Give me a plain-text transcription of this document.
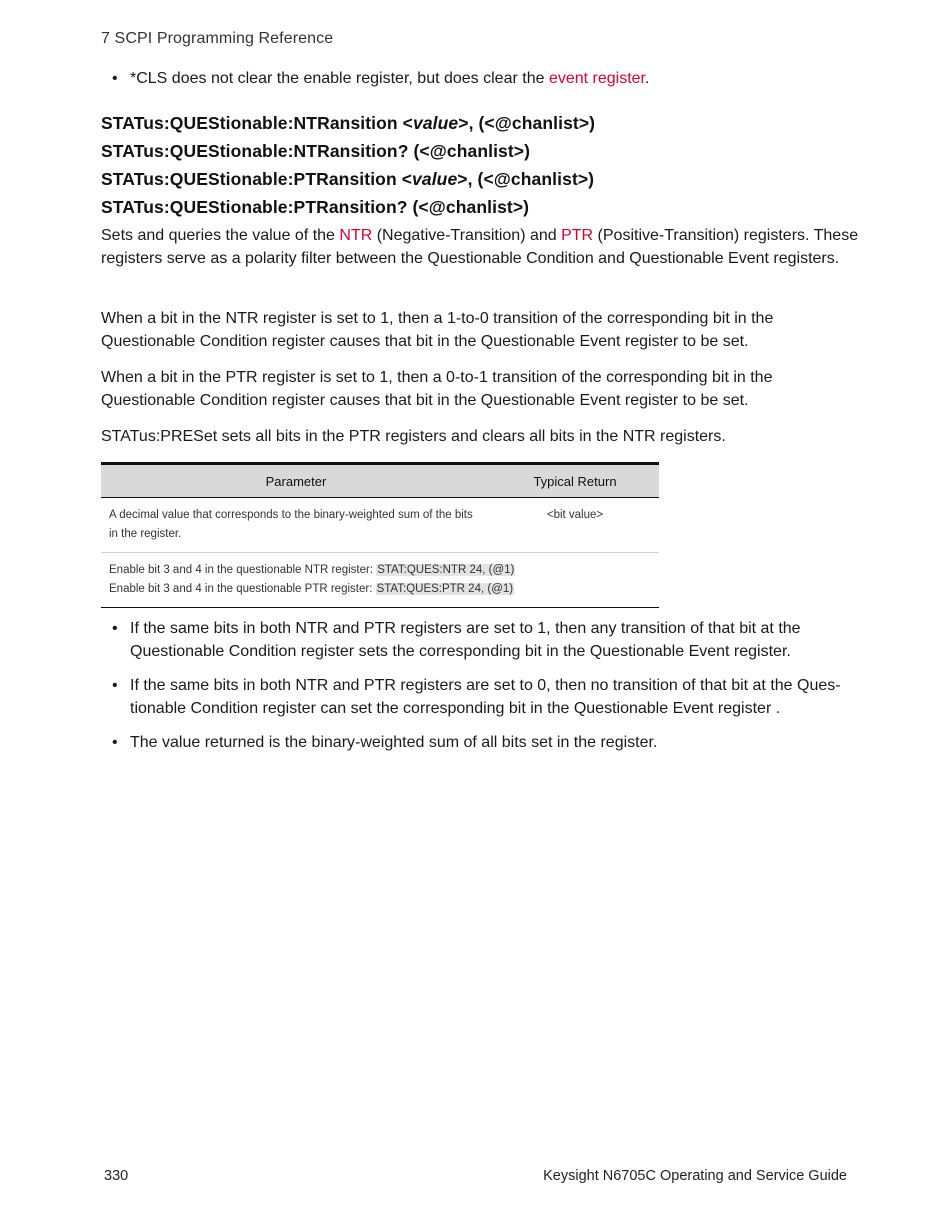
7 SCPI Programming Reference
• *CLS does not clear the enable register, but does clear the event register.
STATus:QUEStionable:NTRansition <value>, (<@chanlist>)
STATus:QUEStionable:NTRansition? (<@chanlist>)
STATus:QUEStionable:PTRansition <value>, (<@chanlist>)
STATus:QUEStionable:PTRansition? (<@chanlist>)
Sets and queries the value of the NTR (Negative-Transition) and PTR (Positive-Transition) registers. These registers serve as a polarity filter between the Questionable Condition and Questionable Event registers.
When a bit in the NTR register is set to 1, then a 1-to-0 transition of the corresponding bit in the Questionable Condition register causes that bit in the Questionable Event register to be set.
When a bit in the PTR register is set to 1, then a 0-to-1 transition of the corresponding bit in the Questionable Condition register causes that bit in the Questionable Event register to be set.
STATus:PRESet sets all bits in the PTR registers and clears all bits in the NTR registers.
Parameter	Typical Return
A decimal value that corresponds to the binary-weighted sum of the bits in the register.	<bit value>

Enable bit 3 and 4 in the questionable NTR register: STAT:QUES:NTR 24, (@1)
Enable bit 3 and 4 in the questionable PTR register: STAT:QUES:PTR 24, (@1)	
• If the same bits in both NTR and PTR registers are set to 1, then any transition of that bit at the Questionable Condition register sets the corresponding bit in the Questionable Event register.
• If the same bits in both NTR and PTR registers are set to 0, then no transition of that bit at the Ques-tionable Condition register can set the corresponding bit in the Questionable Event register .
• The value returned is the binary-weighted sum of all bits set in the register.
330	Keysight N6705C Operating and Service Guide
